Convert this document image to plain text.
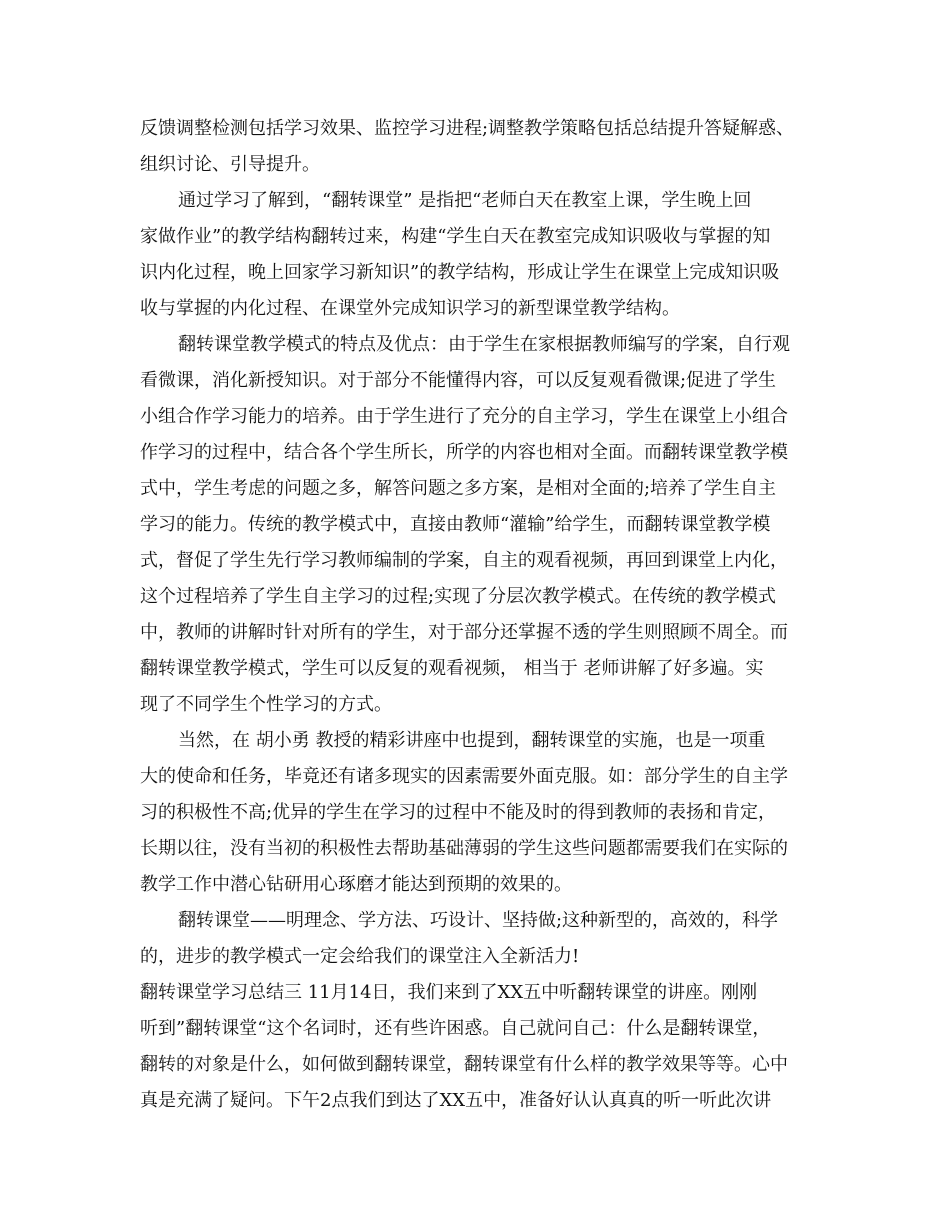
反馈调整检测包括学习效果、监控学习进程;调整教学策略包括总结提升答疑解惑、
组织讨论、引导提升。
通过学习了解到，“翻转课堂” 是指把“老师白天在教室上课，学生晚上回
家做作业”的教学结构翻转过来，构建“学生白天在教室完成知识吸收与掌握的知
识内化过程，晚上回家学习新知识”的教学结构，形成让学生在课堂上完成知识吸
收与掌握的内化过程、在课堂外完成知识学习的新型课堂教学结构。
翻转课堂教学模式的特点及优点：由于学生在家根据教师编写的学案，自行观
看微课，消化新授知识。对于部分不能懂得内容，可以反复观看微课;促进了学生
小组合作学习能力的培养。由于学生进行了充分的自主学习，学生在课堂上小组合
作学习的过程中，结合各个学生所长，所学的内容也相对全面。而翻转课堂教学模
式中，学生考虑的问题之多，解答问题之多方案，是相对全面的;培养了学生自主
学习的能力。传统的教学模式中，直接由教师“灌输”给学生，而翻转课堂教学模
式，督促了学生先行学习教师编制的学案，自主的观看视频，再回到课堂上内化，
这个过程培养了学生自主学习的过程;实现了分层次教学模式。在传统的教学模式
中，教师的讲解时针对所有的学生，对于部分还掌握不透的学生则照顾不周全。而
翻转课堂教学模式，学生可以反复的观看视频， 相当于 老师讲解了好多遍。实
现了不同学生个性学习的方式。
当然，在 胡小勇 教授的精彩讲座中也提到，翻转课堂的实施，也是一项重
大的使命和任务，毕竟还有诸多现实的因素需要外面克服。如：部分学生的自主学
习的积极性不高;优异的学生在学习的过程中不能及时的得到教师的表扬和肯定，
长期以往，没有当初的积极性去帮助基础薄弱的学生这些问题都需要我们在实际的
教学工作中潜心钻研用心琢磨才能达到预期的效果的。
翻转课堂——明理念、学方法、巧设计、坚持做;这种新型的，高效的，科学
的，进步的教学模式一定会给我们的课堂注入全新活力!
翻转课堂学习总结三 11月14日，我们来到了XX五中听翻转课堂的讲座。刚刚
听到”翻转课堂“这个名词时，还有些许困惑。自己就问自己：什么是翻转课堂，
翻转的对象是什么，如何做到翻转课堂，翻转课堂有什么样的教学效果等等。心中
真是充满了疑问。下午2点我们到达了XX五中，准备好认认真真的听一听此次讲
